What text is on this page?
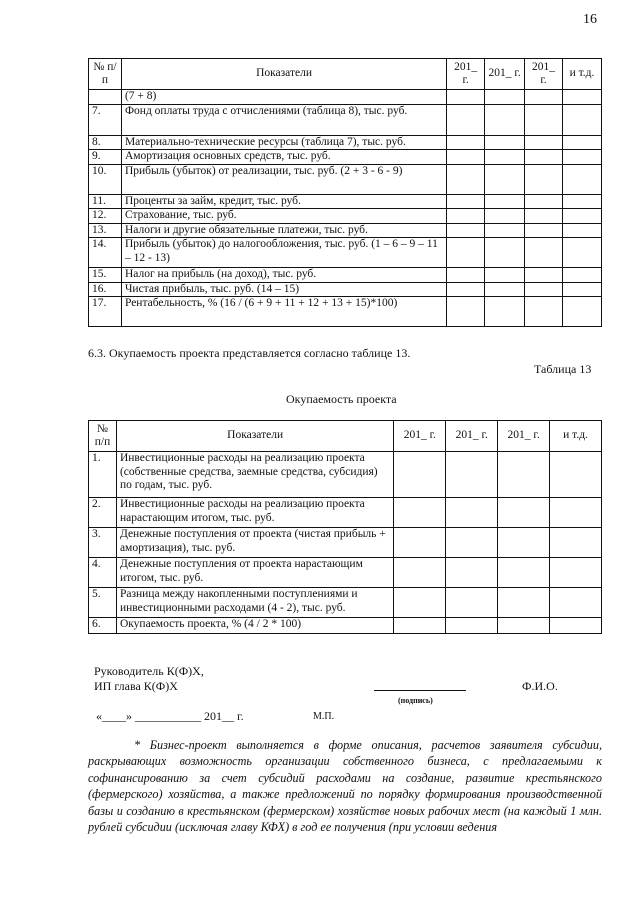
16
№ п/п	Показатели	201_ г.	201_ г.	201_ г.	и т.д.
	(7 + 8)				
7.	Фонд оплаты труда с отчислениями (таблица 8), тыс. руб.				
8.	Материально-технические ресурсы (таблица 7), тыс. руб.				
9.	Амортизация основных средств, тыс. руб.				
10.	Прибыль (убыток) от реализации, тыс. руб. (2 + 3 - 6 - 9)				
11.	Проценты за займ, кредит, тыс. руб.				
12.	Страхование, тыс. руб.				
13.	Налоги и другие обязательные платежи, тыс. руб.				
14.	Прибыль (убыток) до налогообложения, тыс. руб. (1 – 6 – 9 – 11 – 12 - 13)				
15.	Налог на прибыль (на доход), тыс. руб.				
16.	Чистая прибыль, тыс. руб. (14 – 15)				
17.	Рентабельность, % (16 / (6 + 9 + 11 + 12 + 13 + 15)*100)				
6.3. Окупаемость проекта представляется согласно таблице 13.
Таблица 13
Окупаемость проекта
№ п/п	Показатели	201_ г.	201_ г.	201_ г.	и т.д.
1.	Инвестиционные расходы на реализацию проекта (собственные средства, заемные средства, субсидия) по годам, тыс. руб.				
2.	Инвестиционные расходы на реализацию проекта нарастающим итогом, тыс. руб.				
3.	Денежные поступления от проекта (чистая прибыль + амортизация), тыс. руб.				
4.	Денежные поступления от проекта нарастающим итогом, тыс. руб.				
5.	Разница между накопленными поступлениями и инвестиционными расходами (4 - 2), тыс. руб.				
6.	Окупаемость проекта, % (4 / 2 * 100)				
Руководитель К(Ф)Х,
ИП глава К(Ф)Х
(подпись)
Ф.И.О.
«____» ___________ 201__ г.	М.П.
* Бизнес-проект выполняется в форме описания, расчетов заявителя субсидии, раскрывающих возможность организации собственного бизнеса, с предлагаемыми к софинансированию за счет субсидий расходами на создание, развитие крестьянского (фермерского) хозяйства, а также предложений по порядку формирования производственной базы и созданию в крестьянском (фермерском) хозяйстве новых рабочих мест (на каждый 1 млн. рублей субсидии (исключая главу КФХ) в год ее получения (при условии ведения
